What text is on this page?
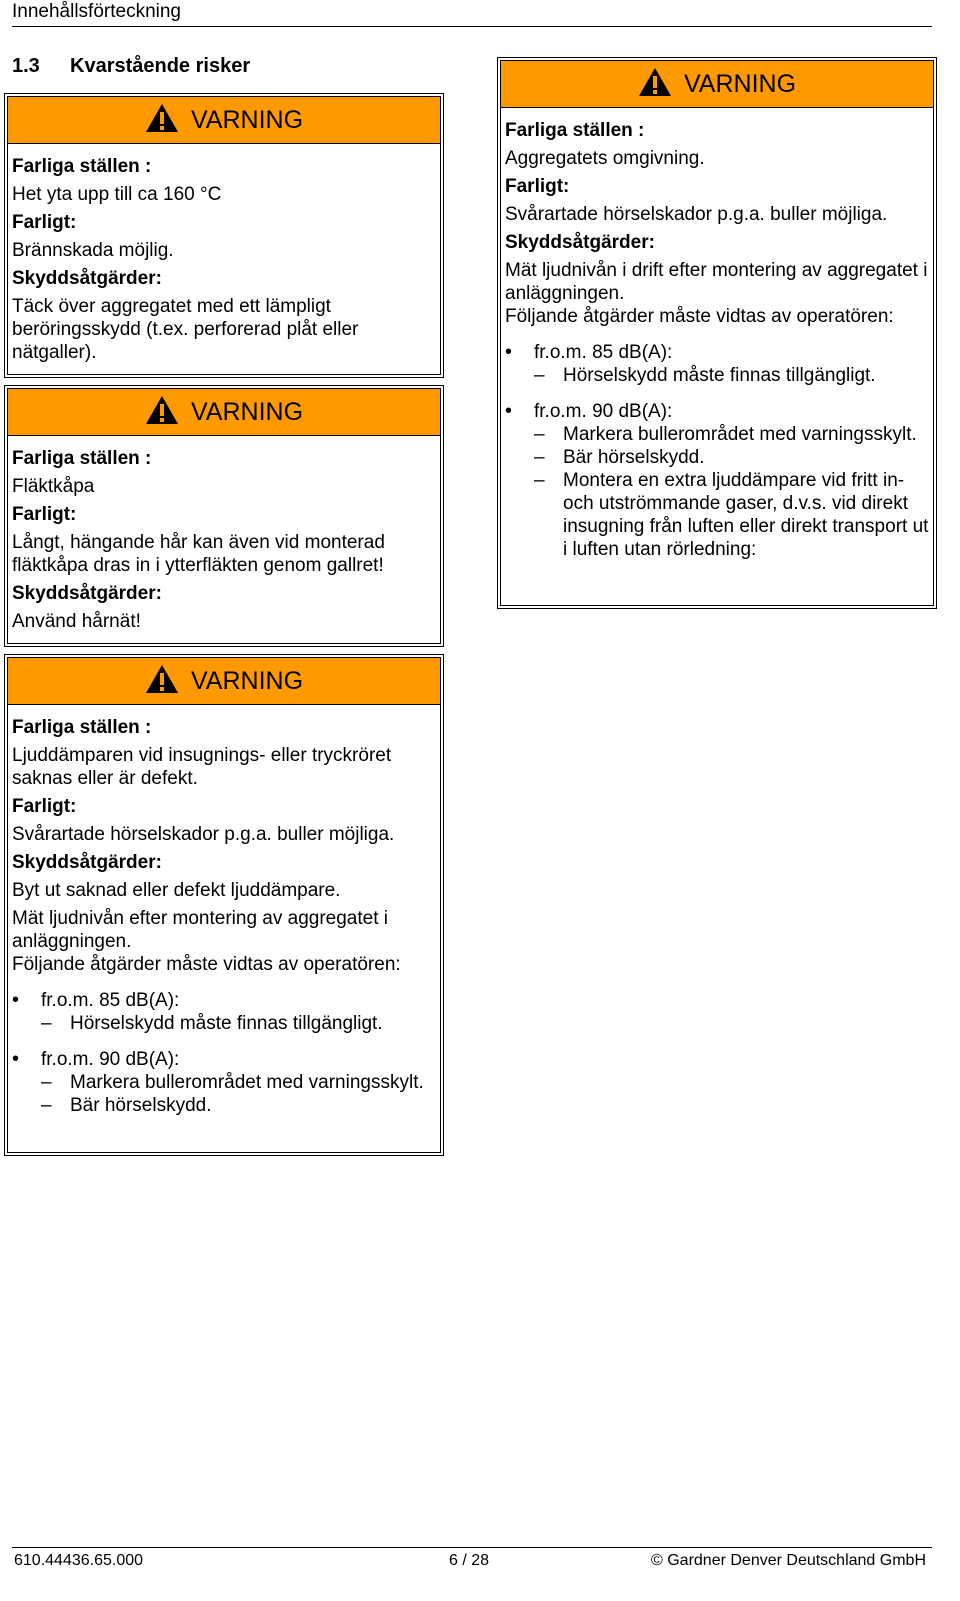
Innehållsförteckning
1.3 Kvarstående risker
VARNING
Farliga ställen :
Het yta upp till ca 160 °C
Farligt:
Brännskada möjlig.
Skyddsåtgärder:
Täck över aggregatet med ett lämpligt beröringsskydd (t.ex. perforerad plåt eller nätgaller).
VARNING
Farliga ställen :
Fläktkåpa
Farligt:
Långt, hängande hår kan även vid monterad fläktkåpa dras in i ytterfläkten genom gallret!
Skyddsåtgärder:
Använd hårnät!
VARNING
Farliga ställen :
Ljuddämparen vid insugnings- eller tryckröret saknas eller är defekt.
Farligt:
Svårartade hörselskador p.g.a. buller möjliga.
Skyddsåtgärder:
Byt ut saknad eller defekt ljuddämpare.
Mät ljudnivån efter montering av aggregatet i anläggningen.
Följande åtgärder måste vidtas av operatören:
• fr.o.m. 85 dB(A):
– Hörselskydd måste finnas tillgängligt.
• fr.o.m. 90 dB(A):
– Markera bullerområdet med varningsskylt.
– Bär hörselskydd.
VARNING
Farliga ställen :
Aggregatets omgivning.
Farligt:
Svårartade hörselskador p.g.a. buller möjliga.
Skyddsåtgärder:
Mät ljudnivån i drift efter montering av aggregatet i anläggningen.
Följande åtgärder måste vidtas av operatören:
• fr.o.m. 85 dB(A):
– Hörselskydd måste finnas tillgängligt.
• fr.o.m. 90 dB(A):
– Markera bullerområdet med varningsskylt.
– Bär hörselskydd.
– Montera en extra ljuddämpare vid fritt in- och utströmmande gaser, d.v.s. vid direkt insugning från luften eller direkt transport ut i luften utan rörledning:
610.44436.65.000	6 / 28	© Gardner Denver Deutschland GmbH
